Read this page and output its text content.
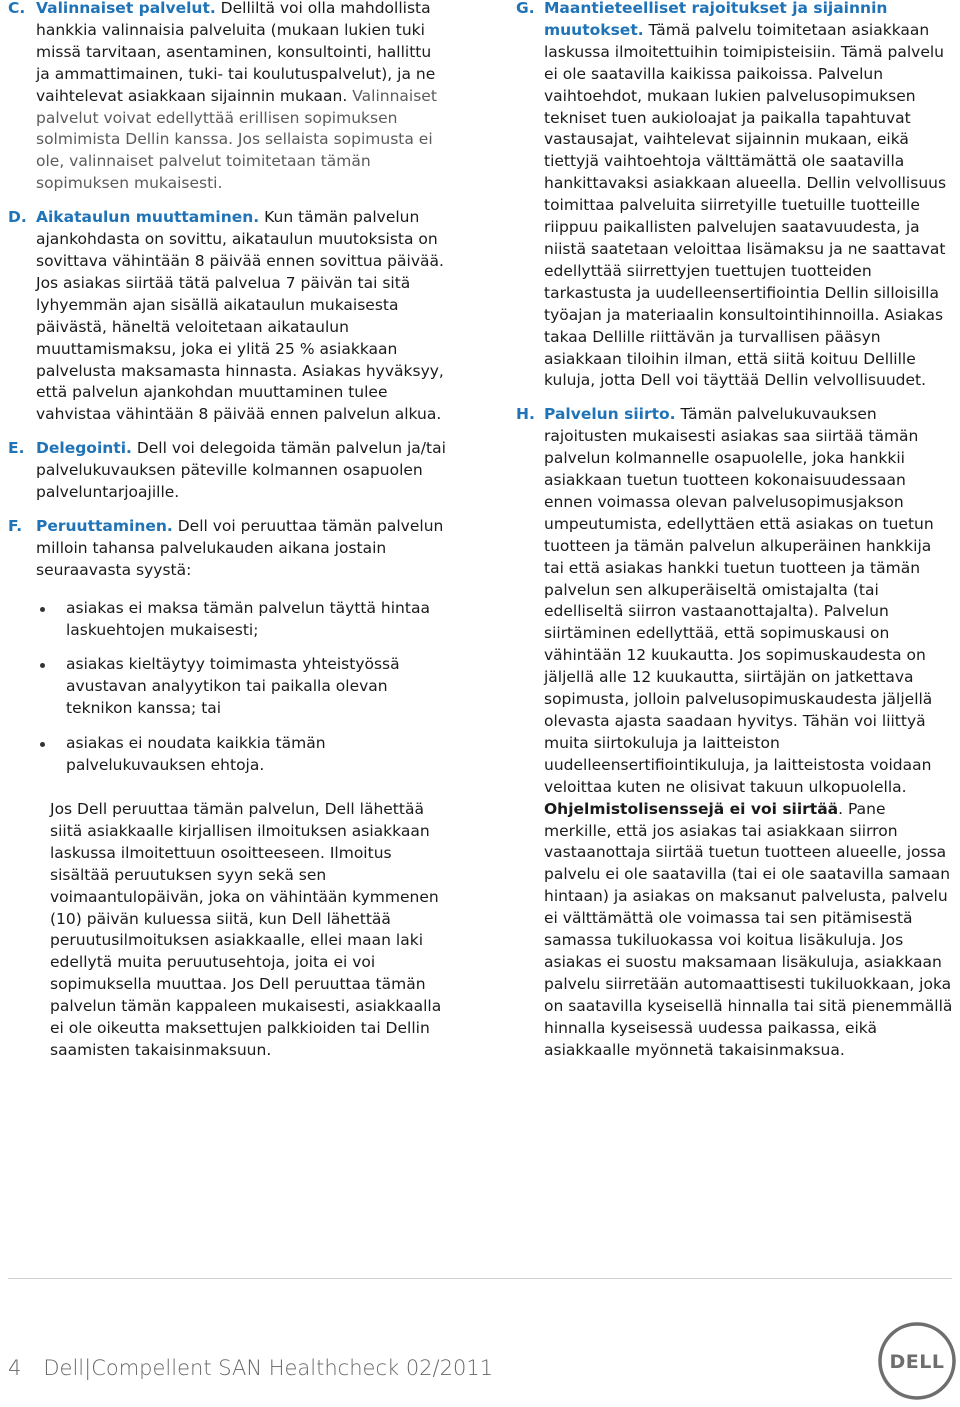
C. Valinnaiset palvelut. Delliltä voi olla mahdollista hankkia valinnaisia palveluita (mukaan lukien tuki missä tarvitaan, asentaminen, konsultointi, hallittu ja ammattimainen, tuki- tai koulutuspalvelut), ja ne vaihtelevat asiakkaan sijainnin mukaan. Valinnaiset palvelut voivat edellyttää erillisen sopimuksen solmimista Dellin kanssa. Jos sellaista sopimusta ei ole, valinnaiset palvelut toimitetaan tämän sopimuksen mukaisesti.
D. Aikataulun muuttaminen. Kun tämän palvelun ajankohdasta on sovittu, aikataulun muutoksista on sovittava vähintään 8 päivää ennen sovittua päivää. Jos asiakas siirtää tätä palvelua 7 päivän tai sitä lyhyemmän ajan sisällä aikataulun mukaisesta päivästä, häneltä veloitetaan aikataulun muuttamismaksu, joka ei ylitä 25 % asiakkaan palvelusta maksamasta hinnasta. Asiakas hyväksyy, että palvelun ajankohdan muuttaminen tulee vahvistaa vähintään 8 päivää ennen palvelun alkua.
E. Delegointi. Dell voi delegoida tämän palvelun ja/tai palvelukuvauksen päteville kolmannen osapuolen palveluntarjoajille.
F. Peruuttaminen. Dell voi peruuttaa tämän palvelun milloin tahansa palvelukauden aikana jostain seuraavasta syystä:
asiakas ei maksa tämän palvelun täyttä hintaa laskuehtojen mukaisesti;
asiakas kieltäytyy toimimasta yhteistyössä avustavan analyytikon tai paikalla olevan teknikon kanssa; tai
asiakas ei noudata kaikkia tämän palvelukuvauksen ehtoja.
Jos Dell peruuttaa tämän palvelun, Dell lähettää siitä asiakkaalle kirjallisen ilmoituksen asiakkaan laskussa ilmoitettuun osoitteeseen. Ilmoitus sisältää peruutuksen syyn sekä sen voimaantulopäivän, joka on vähintään kymmenen (10) päivän kuluessa siitä, kun Dell lähettää peruutusilmoituksen asiakkaalle, ellei maan laki edellytä muita peruutusehtoja, joita ei voi sopimuksella muuttaa. Jos Dell peruuttaa tämän palvelun tämän kappaleen mukaisesti, asiakkaalla ei ole oikeutta maksettujen palkkioiden tai Dellin saamisten takaisinmaksuun.
G. Maantieteelliset rajoitukset ja sijainnin muutokset. Tämä palvelu toimitetaan asiakkaan laskussa ilmoitettuihin toimipisteisiin. Tämä palvelu ei ole saatavilla kaikissa paikoissa. Palvelun vaihtoehdot, mukaan lukien palvelusopimuksen tekniset tuen aukioloajat ja paikalla tapahtuvat vastausajat, vaihtelevat sijainnin mukaan, eikä tiettyjä vaihtoehtoja välttämättä ole saatavilla hankittavaksi asiakkaan alueella. Dellin velvollisuus toimittaa palveluita siirretyille tuetuille tuotteille riippuu paikallisten palvelujen saatavuudesta, ja niistä saatetaan veloittaa lisämaksu ja ne saattavat edellyttää siirrettyjen tuettujen tuotteiden tarkastusta ja uudelleensertifiointia Dellin silloisilla työajan ja materiaalin konsultointihinnoilla. Asiakas takaa Dellille riittävän ja turvallisen pääsyn asiakkaan tiloihin ilman, että siitä koituu Dellille kuluja, jotta Dell voi täyttää Dellin velvollisuudet.
H. Palvelun siirto. Tämän palvelukuvauksen rajoitusten mukaisesti asiakas saa siirtää tämän palvelun kolmannelle osapuolelle, joka hankkii asiakkaan tuetun tuotteen kokonaisuudessaan ennen voimassa olevan palvelusopimusjakson umpeutumista, edellyttäen että asiakas on tuetun tuotteen ja tämän palvelun alkuperäinen hankkija tai että asiakas hankki tuetun tuotteen ja tämän palvelun sen alkuperäiseltä omistajalta (tai edelliseltä siirron vastaanottajalta). Palvelun siirtäminen edellyttää, että sopimuskausi on vähintään 12 kuukautta. Jos sopimuskaudesta on jäljellä alle 12 kuukautta, siirtäjän on jatkettava sopimusta, jolloin palvelusopimuskaudesta jäljellä olevasta ajasta saadaan hyvitys. Tähän voi liittyä muita siirtokuluja ja laitteiston uudelleensertifiointikuluja, ja laitteistosta voidaan veloittaa kuten ne olisivat takuun ulkopuolella. Ohjelmistolisenssejä ei voi siirtää. Pane merkille, että jos asiakas tai asiakkaan siirron vastaanottaja siirtää tuetun tuotteen alueelle, jossa palvelu ei ole saatavilla (tai ei ole saatavilla samaan hintaan) ja asiakas on maksanut palvelusta, palvelu ei välttämättä ole voimassa tai sen pitämisestä samassa tukiluokassa voi koitua lisäkuluja. Jos asiakas ei suostu maksamaan lisäkuluja, asiakkaan palvelu siirretään automaattisesti tukiluokkaan, joka on saatavilla kyseisellä hinnalla tai sitä pienemmällä hinnalla kyseisessä uudessa paikassa, eikä asiakkaalle myönnetä takaisinmaksua.
4 Dell|Compellent SAN Healthcheck 02/2011	DELL
